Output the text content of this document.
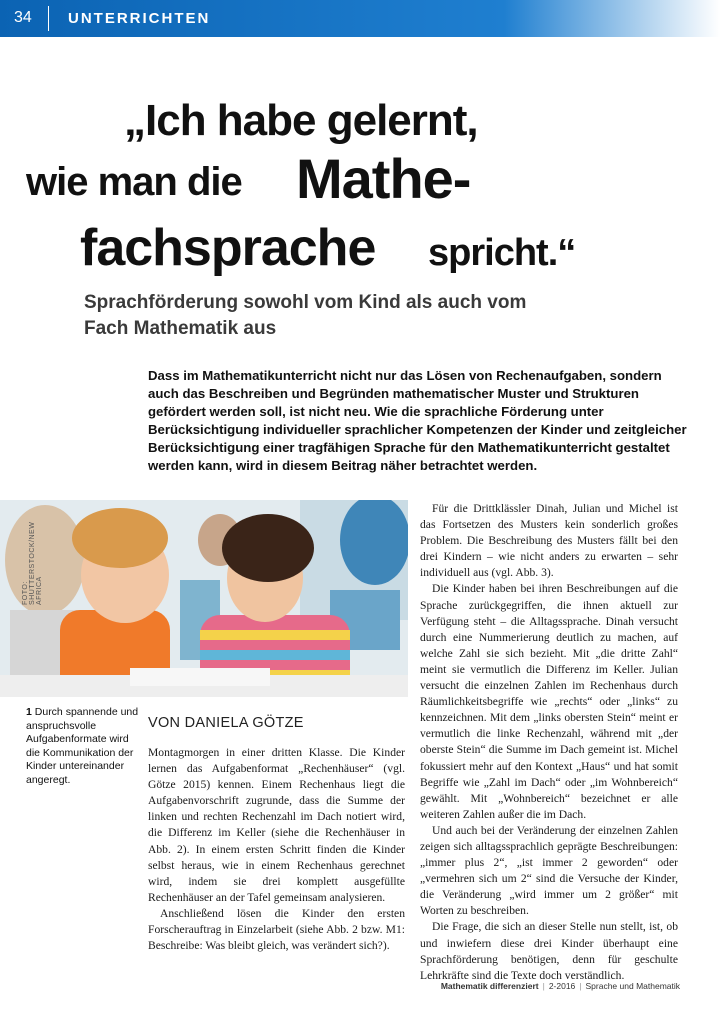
34 UNTERRICHTEN
„Ich habe gelernt,
wie man die Mathe-
fachsprache spricht.“
Sprachförderung sowohl vom Kind als auch vom Fach Mathematik aus
Dass im Mathematikunterricht nicht nur das Lösen von Rechenaufgaben, sondern auch das Beschreiben und Begründen mathematischer Muster und Strukturen gefördert werden soll, ist nicht neu. Wie die sprachliche Förderung unter Berücksichtigung individueller sprachlicher Kompetenzen der Kinder und zeitgleicher Berücksichtigung einer tragfähigen Sprache für den Mathematikunterricht gestaltet werden kann, wird in diesem Beitrag näher betrachtet werden.
FOTO: SHUTTERSTOCK/NEW AFRICA
1 Durch spannende und anspruchsvolle Aufgabenformate wird die Kommunikation der Kinder untereinander angeregt.
VON DANIELA GÖTZE

Montagmorgen in einer dritten Klasse. Die Kinder lernen das Aufgabenformat „Rechenhäuser“ (vgl. Götze 2015) kennen. Einem Rechenhaus liegt die Aufgabenvorschrift zugrunde, dass die Summe der linken und rechten Rechenzahl im Dach notiert wird, die Differenz im Keller (siehe die Rechenhäuser in Abb. 2). In einem ersten Schritt finden die Kinder selbst heraus, wie in einem Rechenhaus gerechnet wird, indem sie drei komplett ausgefüllte Rechenhäuser an der Tafel gemeinsam analysieren.

Anschließend lösen die Kinder den ersten Forscherauftrag in Einzelarbeit (siehe Abb. 2 bzw. M1: Beschreibe: Was bleibt gleich, was verändert sich?).

Für die Drittklässler Dinah, Julian und Michel ist das Fortsetzen des Musters kein sonderlich großes Problem. Die Beschreibung des Musters fällt bei den drei Kindern – wie nicht anders zu erwarten – sehr individuell aus (vgl. Abb. 3).

Die Kinder haben bei ihren Beschreibungen auf die Sprache zurückgegriffen, die ihnen aktuell zur Verfügung steht – die Alltagssprache. Dinah versucht durch eine Nummerierung deutlich zu machen, auf welche Zahl sie sich bezieht. Mit „die dritte Zahl“ meint sie vermutlich die Differenz im Keller. Julian versucht die einzelnen Zahlen im Rechenhaus durch Räumlichkeitsbegriffe wie „rechts“ oder „links“ zu kennzeichnen. Mit dem „links obersten Stein“ meint er vermutlich die linke Rechenzahl, während mit „der oberste Stein“ die Summe im Dach gemeint ist. Michel fokussiert mehr auf den Kontext „Haus“ und hat somit Begriffe wie „Zahl im Dach“ oder „im Wohnbereich“ gewählt. Mit „Wohnbereich“ bezeichnet er alle weiteren Zahlen außer die im Dach.

Und auch bei der Veränderung der einzelnen Zahlen zeigen sich alltagssprachlich geprägte Beschreibungen: „immer plus 2“, „ist immer 2 geworden“ oder „vermehren sich um 2“ sind die Versuche der Kinder, die Veränderung „wird immer um 2 größer“ mit Worten zu beschreiben.

Die Frage, die sich an dieser Stelle nun stellt, ist, ob und inwiefern diese drei Kinder überhaupt eine Sprachförderung benötigen, denn für geschulte Lehrkräfte sind die Texte doch verständlich.

Mathematik differenziert | 2-2016 | Sprache und Mathematik
